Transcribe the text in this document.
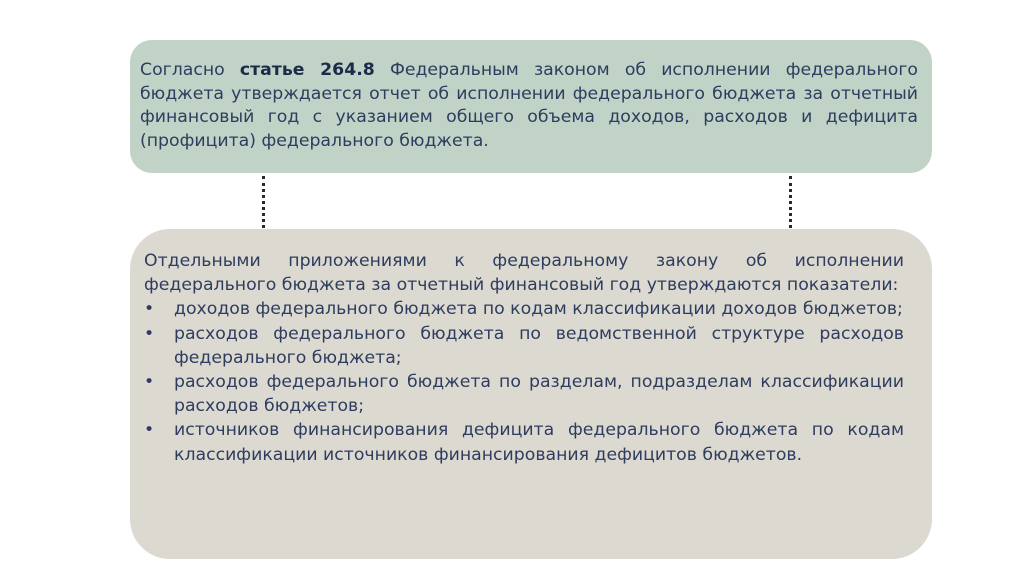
Согласно статье 264.8 Федеральным законом об исполнении федерального бюджета утверждается отчет об исполнении федерального бюджета за отчетный финансовый год с указанием общего объема доходов, расходов и дефицита (профицита) федерального бюджета.

Отдельными приложениями к федеральному закону об исполнении федерального бюджета за отчетный финансовый год утверждаются показатели:

• доходов федерального бюджета по кодам классификации доходов бюджетов;
• расходов федерального бюджета по ведомственной структуре расходов федерального бюджета;
• расходов федерального бюджета по разделам, подразделам классификации расходов бюджетов;
• источников финансирования дефицита федерального бюджета по кодам классификации источников финансирования дефицитов бюджетов.
